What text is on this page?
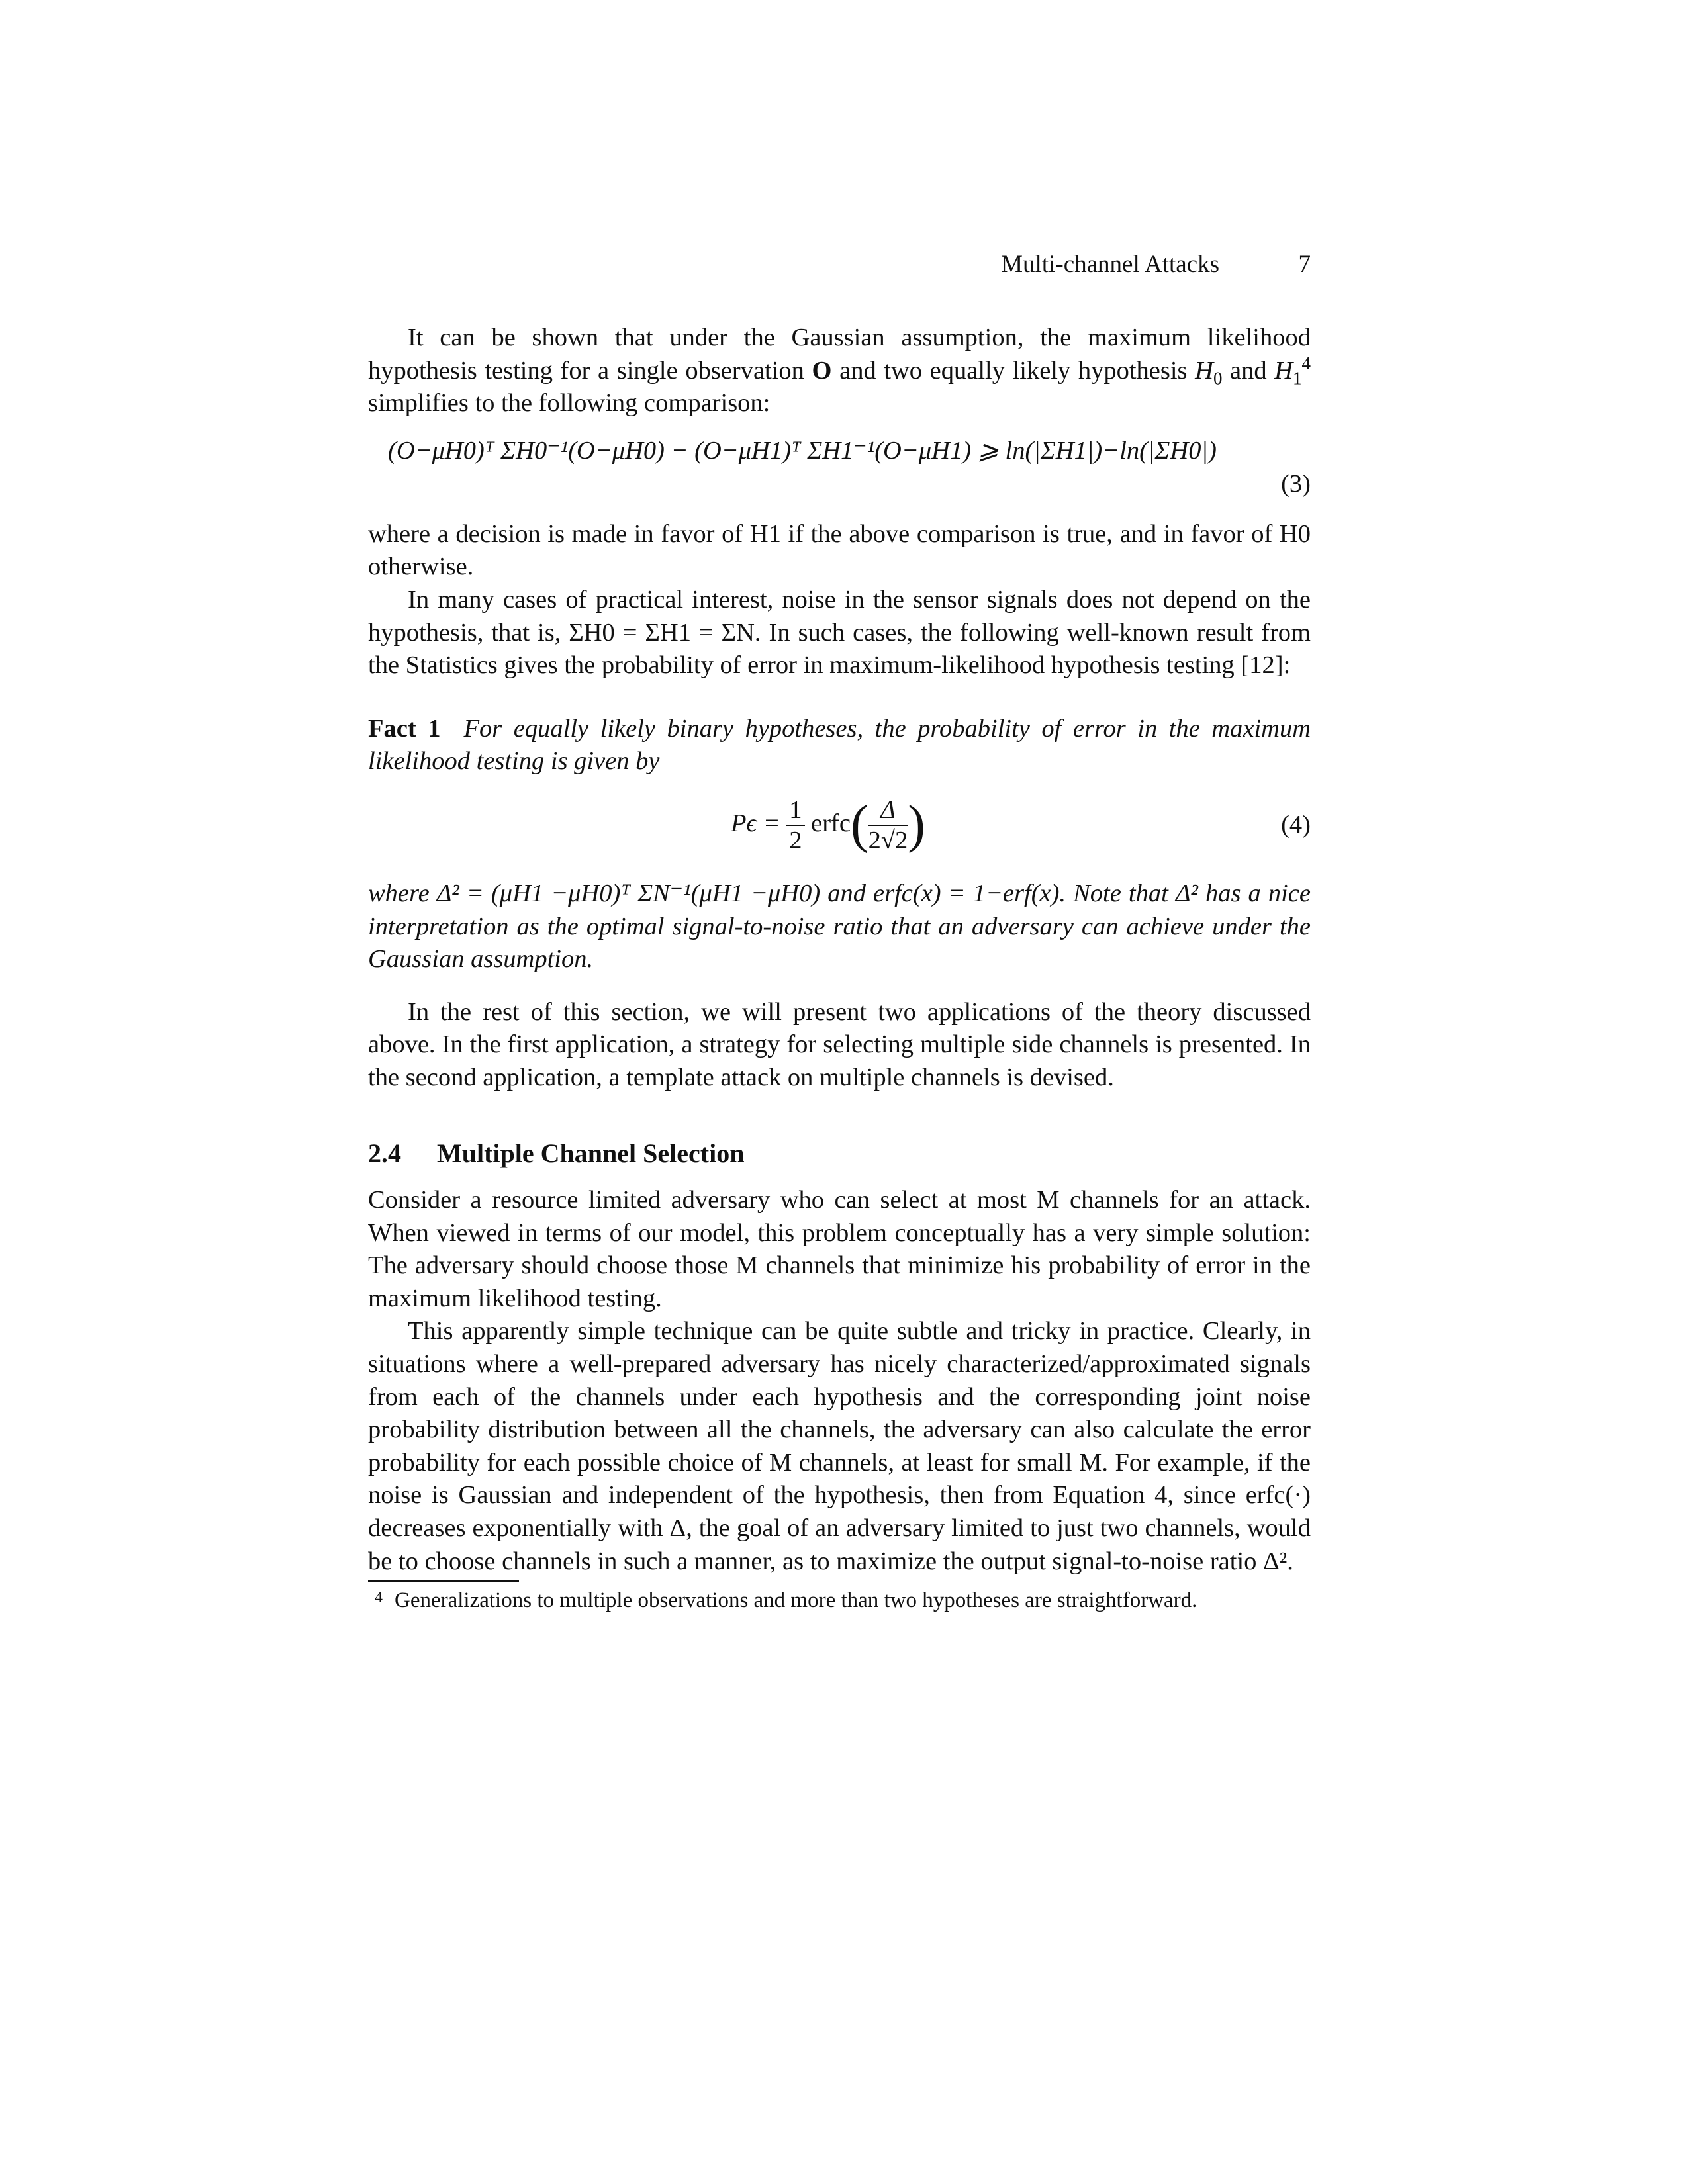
Multi-channel Attacks	7

It can be shown that under the Gaussian assumption, the maximum likelihood hypothesis testing for a single observation O and two equally likely hypothesis $H_0$ and $H_1^4$ simplifies to the following comparison:

(O−μH0)ᵀ ΣH0⁻¹(O−μH0) − (O−μH1)ᵀ ΣH1⁻¹(O−μH1) ⩾ ln(|ΣH1|)−ln(|ΣH0|)
(3)

where a decision is made in favor of H1 if the above comparison is true, and in favor of H0 otherwise.

In many cases of practical interest, noise in the sensor signals does not depend on the hypothesis, that is, ΣH0 = ΣH1 = ΣN. In such cases, the following well-known result from the Statistics gives the probability of error in maximum-likelihood hypothesis testing [12]:

Fact 1 For equally likely binary hypotheses, the probability of error in the maximum likelihood testing is given by

$P\epsilon = \frac{1}{2}$ erfc( $\frac{\Delta}{2√2}$ )	(4)

where Δ² = (μH1 −μH0)ᵀ ΣN⁻¹(μH1 −μH0) and erfc(x) = 1−erf(x). Note that Δ² has a nice interpretation as the optimal signal-to-noise ratio that an adversary can achieve under the Gaussian assumption.

In the rest of this section, we will present two applications of the theory discussed above. In the first application, a strategy for selecting multiple side channels is presented. In the second application, a template attack on multiple channels is devised.

2.4 Multiple Channel Selection

Consider a resource limited adversary who can select at most M channels for an attack. When viewed in terms of our model, this problem conceptually has a very simple solution: The adversary should choose those M channels that minimize his probability of error in the maximum likelihood testing.

This apparently simple technique can be quite subtle and tricky in practice. Clearly, in situations where a well-prepared adversary has nicely characterized/approximated signals from each of the channels under each hypothesis and the corresponding joint noise probability distribution between all the channels, the adversary can also calculate the error probability for each possible choice of M channels, at least for small M. For example, if the noise is Gaussian and independent of the hypothesis, then from Equation 4, since erfc(·) decreases exponentially with Δ, the goal of an adversary limited to just two channels, would be to choose channels in such a manner, as to maximize the output signal-to-noise ratio Δ².

4 Generalizations to multiple observations and more than two hypotheses are straightforward.
